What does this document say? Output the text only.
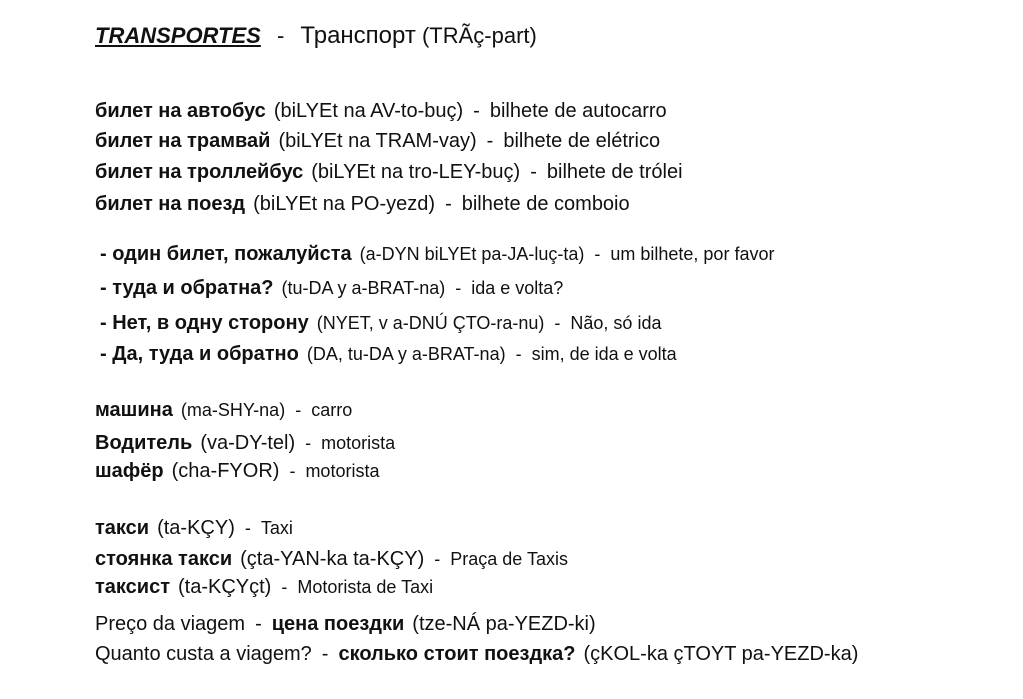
TRANSPORTES - Транспорт (TRÃç-part)
билет на автобус (biLYEt na AV-to-buç) - bilhete de autocarro
билет на трамвай (biLYEt na TRAM-vay) - bilhete de elétrico
билет на троллейбус (biLYEt na tro-LEY-buç) - bilhete de trólei
билет на поезд (biLYEt na PO-yezd) - bilhete de comboio
- один билет, пожалуйста (a-DYN biLYEt pa-JA-luç-ta) - um bilhete, por favor
- туда и обратна? (tu-DA y a-BRAT-na) - ida e volta?
- Нет, в одну сторону (NYET, v a-DNÚ ÇTO-ra-nu) - Não, só ida
- Да, туда и обратно (DA, tu-DA y a-BRAT-na) - sim, de ida e volta
машина (ma-SHY-na) - carro
Водитель (va-DY-tel) - motorista
шафёр (cha-FYOR) - motorista
такси (ta-KÇY) - Taxi
стоянка такси (çta-YAN-ka ta-KÇY) - Praça de Taxis
таксист (ta-KÇYçt) - Motorista de Taxi
Preço da viagem - цена поездки (tze-NÁ pa-YEZD-ki)
Quanto custa a viagem? - сколько стоит поездка? (çKOL-ka çTOYT pa-YEZD-ka)
